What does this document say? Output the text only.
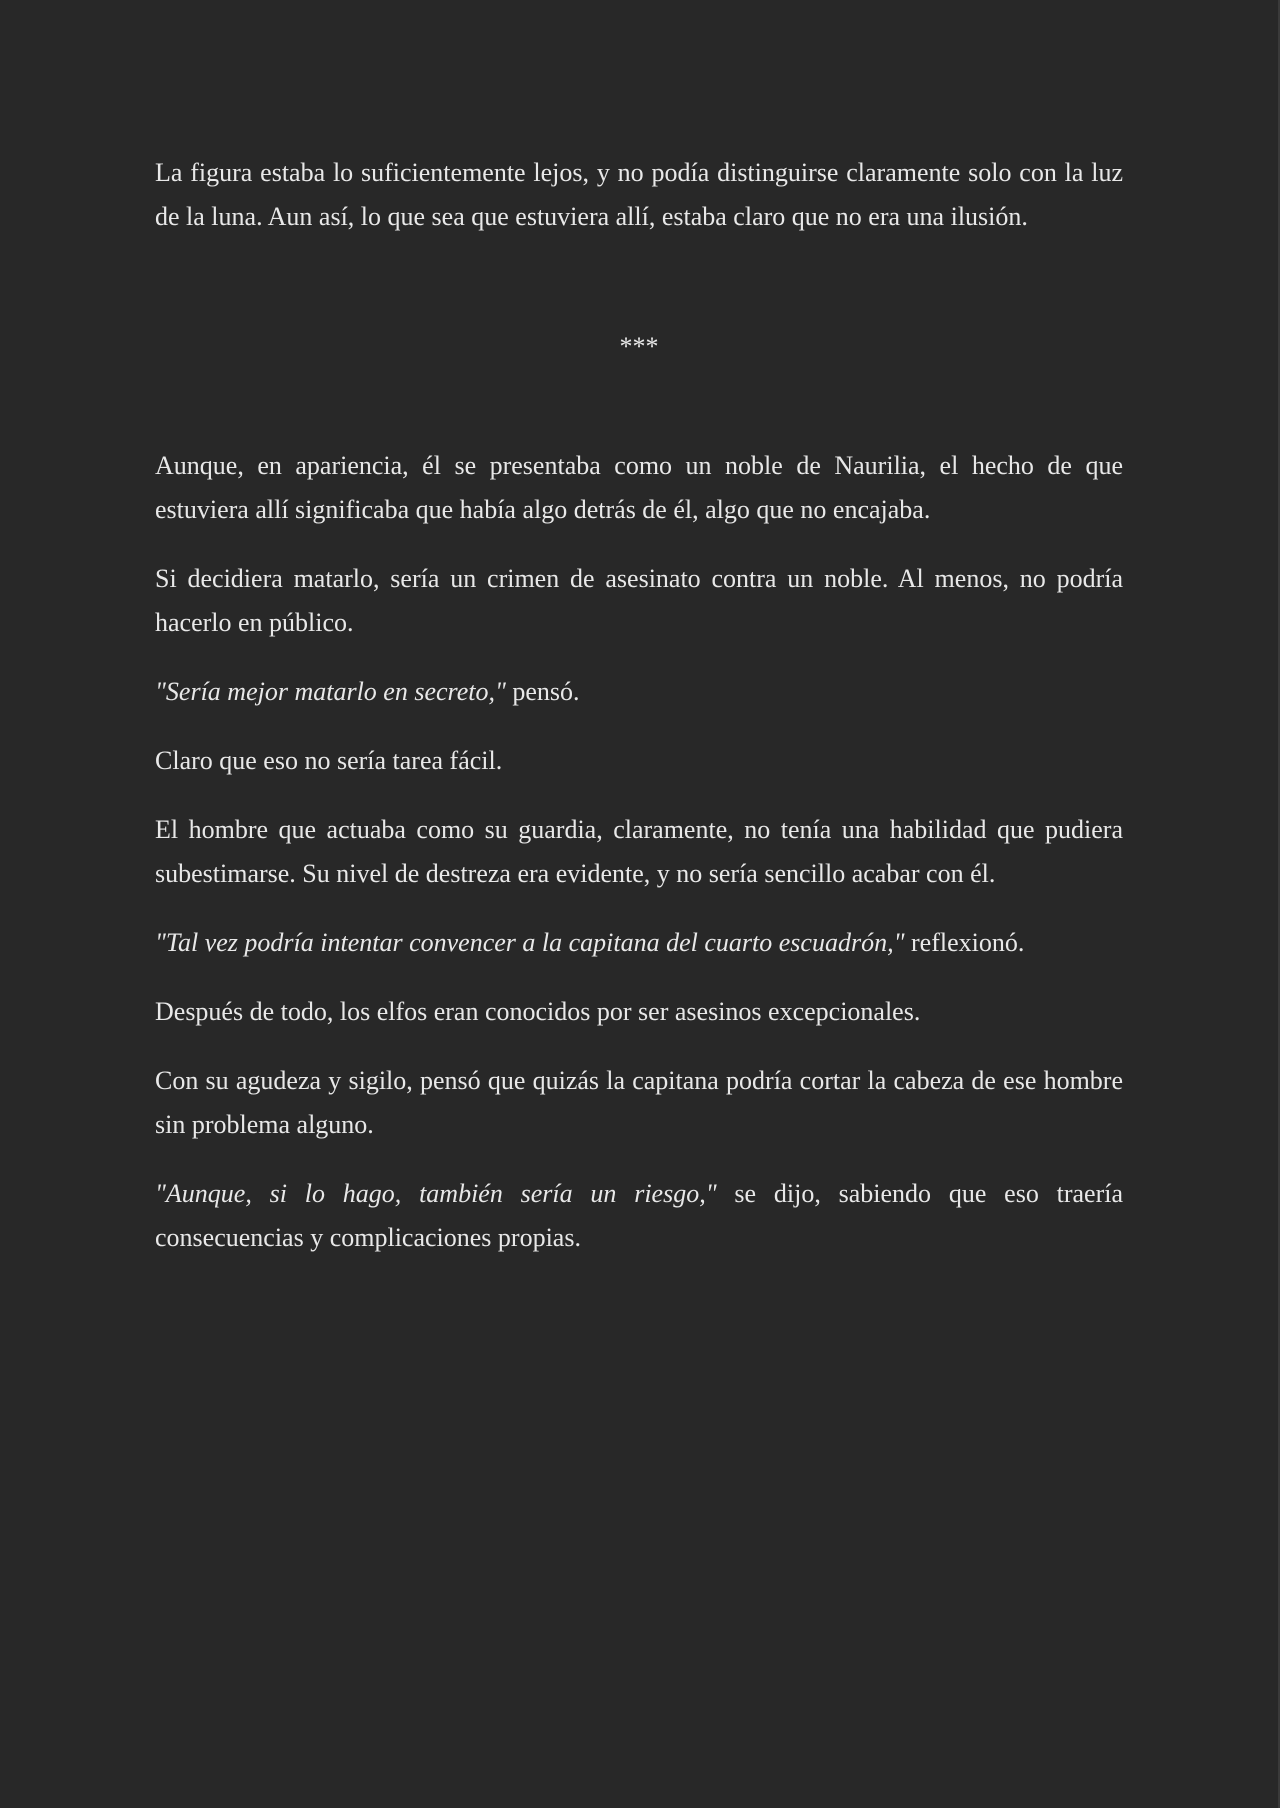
La figura estaba lo suficientemente lejos, y no podía distinguirse claramente solo con la luz de la luna. Aun así, lo que sea que estuviera allí, estaba claro que no era una ilusión.

***

Aunque, en apariencia, él se presentaba como un noble de Naurilia, el hecho de que estuviera allí significaba que había algo detrás de él, algo que no encajaba.

Si decidiera matarlo, sería un crimen de asesinato contra un noble. Al menos, no podría hacerlo en público.

"Sería mejor matarlo en secreto," pensó.

Claro que eso no sería tarea fácil.

El hombre que actuaba como su guardia, claramente, no tenía una habilidad que pudiera subestimarse. Su nivel de destreza era evidente, y no sería sencillo acabar con él.

"Tal vez podría intentar convencer a la capitana del cuarto escuadrón," reflexionó.

Después de todo, los elfos eran conocidos por ser asesinos excepcionales.

Con su agudeza y sigilo, pensó que quizás la capitana podría cortar la cabeza de ese hombre sin problema alguno.

"Aunque, si lo hago, también sería un riesgo," se dijo, sabiendo que eso traería consecuencias y complicaciones propias.
